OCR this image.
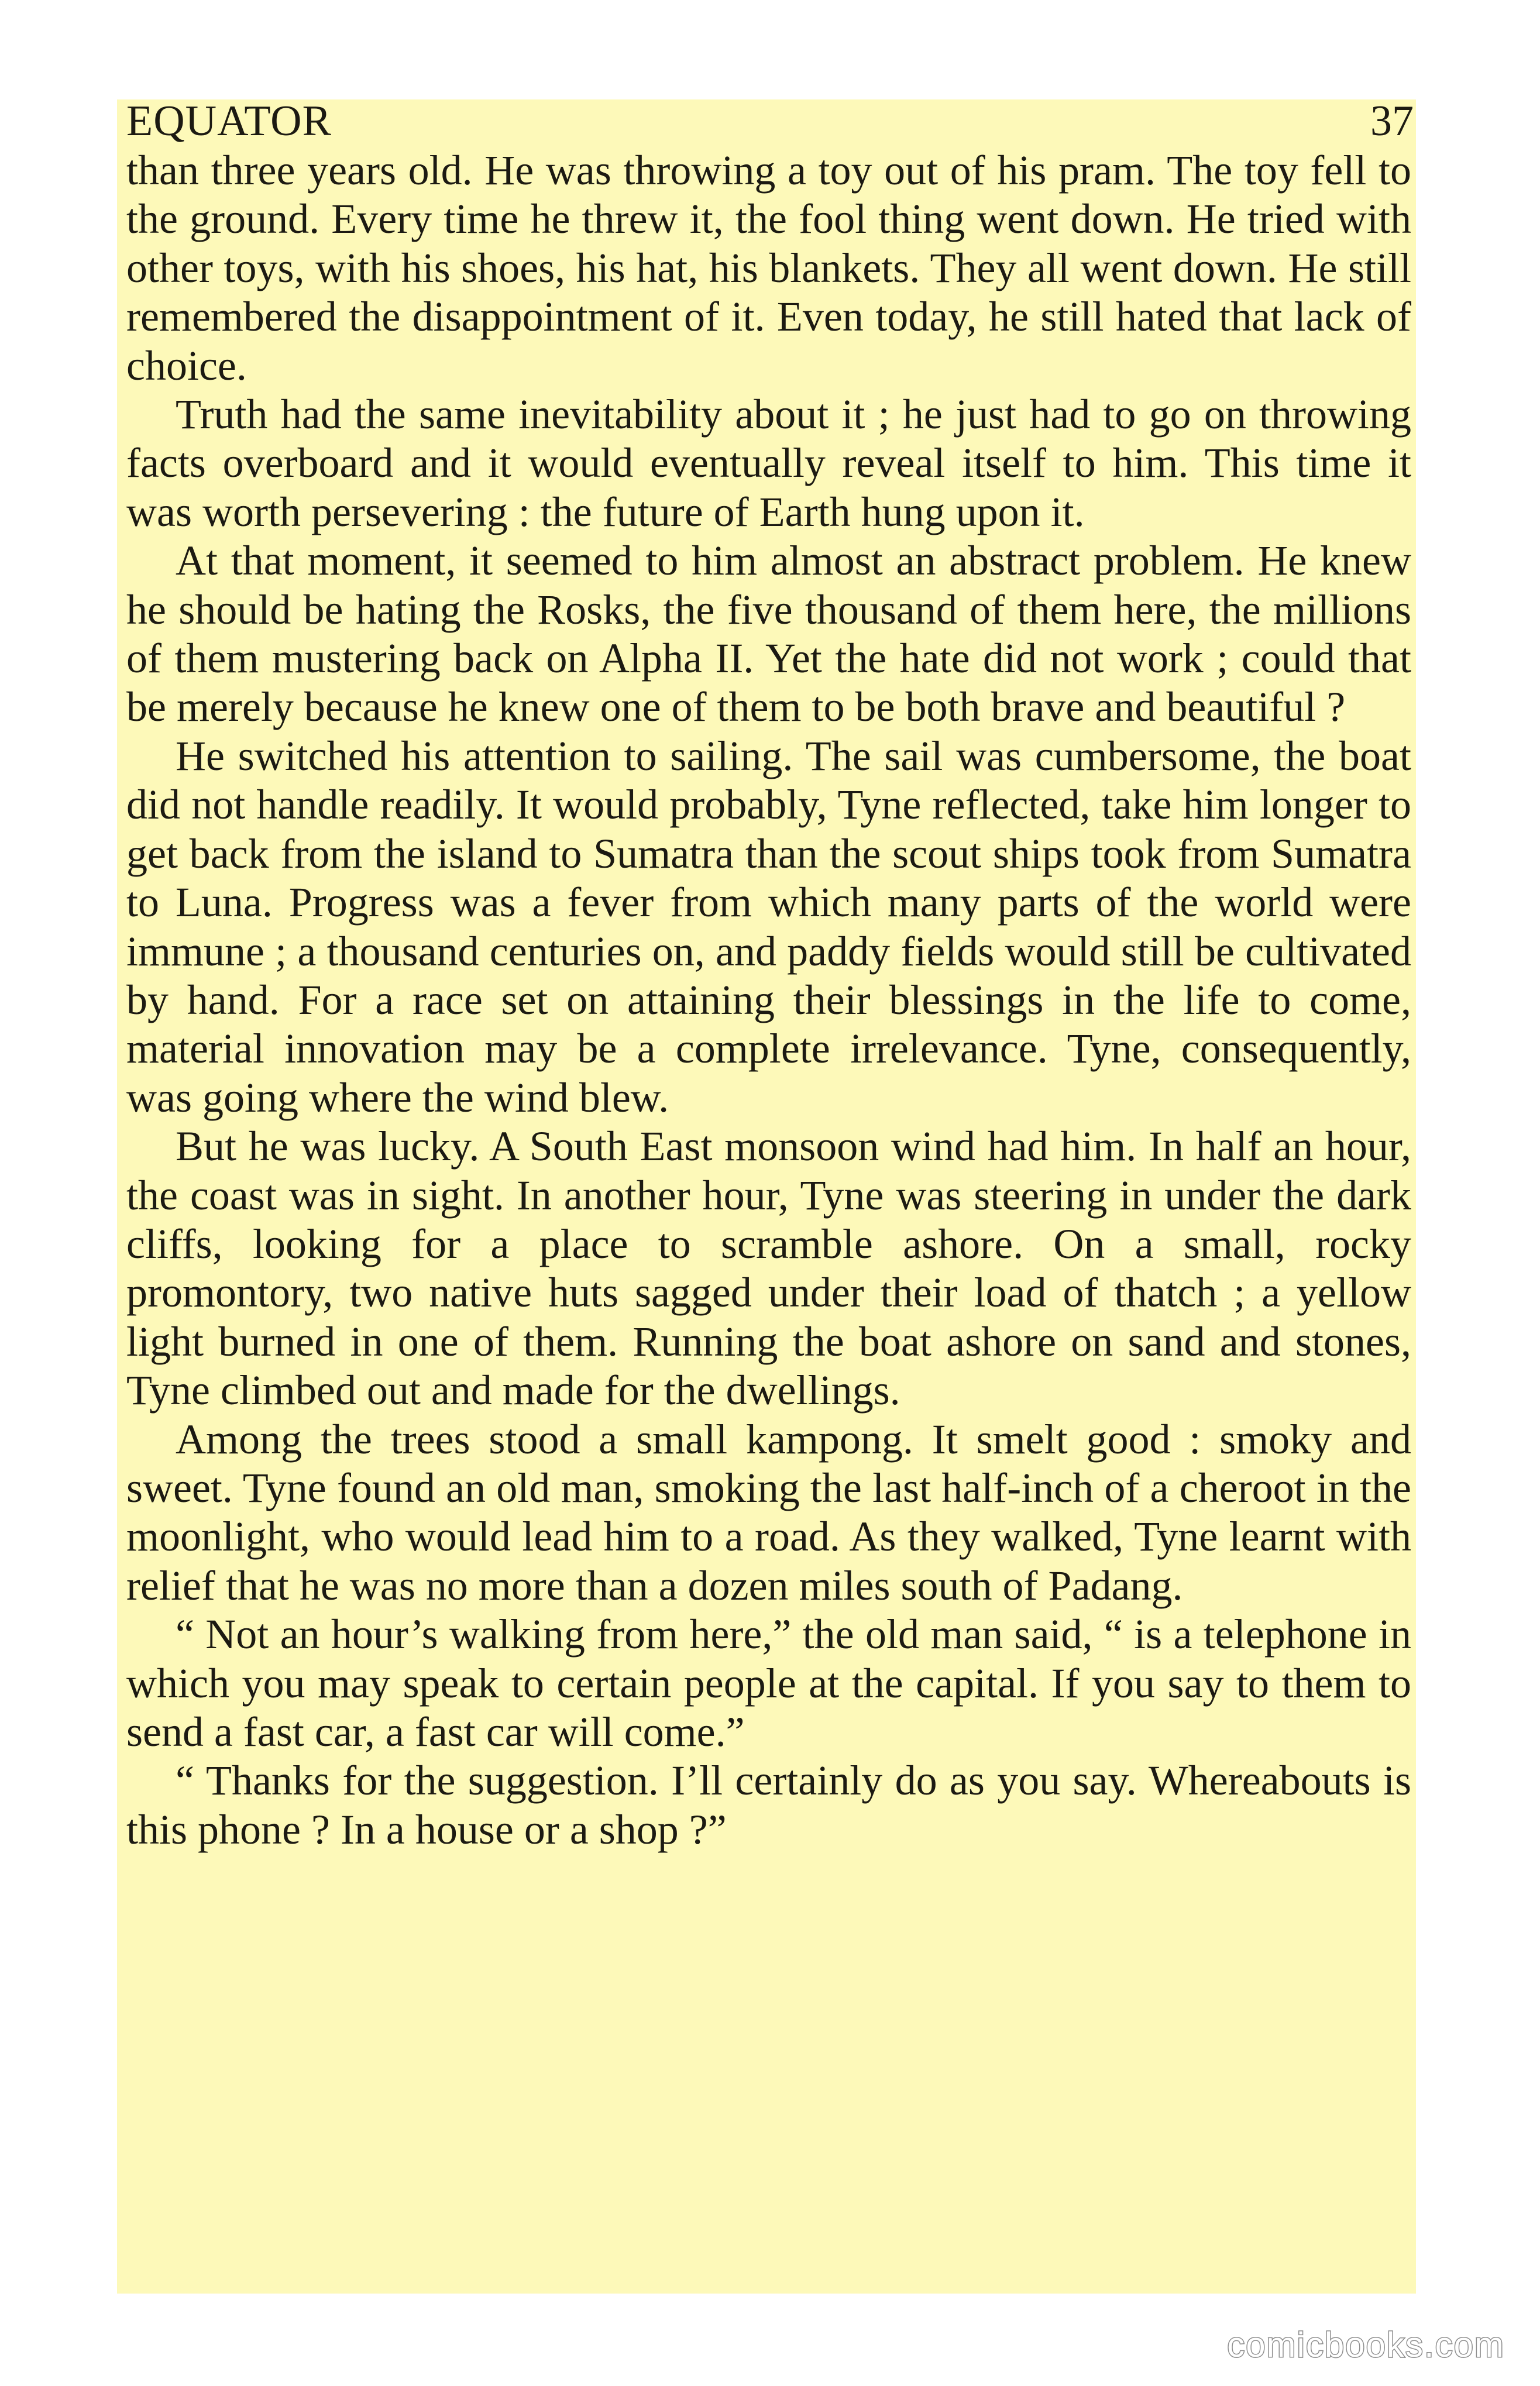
EQUATOR	37

than three years old. He was throwing a toy out of his pram. The toy fell to the ground. Every time he threw it, the fool thing went down. He tried with other toys, with his shoes, his hat, his blankets. They all went down. He still remembered the disappointment of it. Even today, he still hated that lack of choice.

Truth had the same inevitability about it ; he just had to go on throwing facts overboard and it would eventually reveal itself to him. This time it was worth persevering : the future of Earth hung upon it.

At that moment, it seemed to him almost an abstract problem. He knew he should be hating the Rosks, the five thousand of them here, the millions of them mustering back on Alpha II. Yet the hate did not work ; could that be merely because he knew one of them to be both brave and beautiful ?

He switched his attention to sailing. The sail was cumbersome, the boat did not handle readily. It would probably, Tyne reflected, take him longer to get back from the island to Sumatra than the scout ships took from Sumatra to Luna. Progress was a fever from which many parts of the world were immune ; a thousand centuries on, and paddy fields would still be cultivated by hand. For a race set on attaining their blessings in the life to come, material innovation may be a complete irrelevance. Tyne, consequently, was going where the wind blew.

But he was lucky. A South East monsoon wind had him. In half an hour, the coast was in sight. In another hour, Tyne was steering in under the dark cliffs, looking for a place to scramble ashore. On a small, rocky promontory, two native huts sagged under their load of thatch ; a yellow light burned in one of them. Running the boat ashore on sand and stones, Tyne climbed out and made for the dwellings.

Among the trees stood a small kampong. It smelt good : smoky and sweet. Tyne found an old man, smoking the last half-inch of a cheroot in the moonlight, who would lead him to a road. As they walked, Tyne learnt with relief that he was no more than a dozen miles south of Padang.

“ Not an hour’s walking from here,” the old man said, “ is a telephone in which you may speak to certain people at the capital. If you say to them to send a fast car, a fast car will come.”

“ Thanks for the suggestion. I’ll certainly do as you say. Whereabouts is this phone ? In a house or a shop ?”

comicbooks.com
